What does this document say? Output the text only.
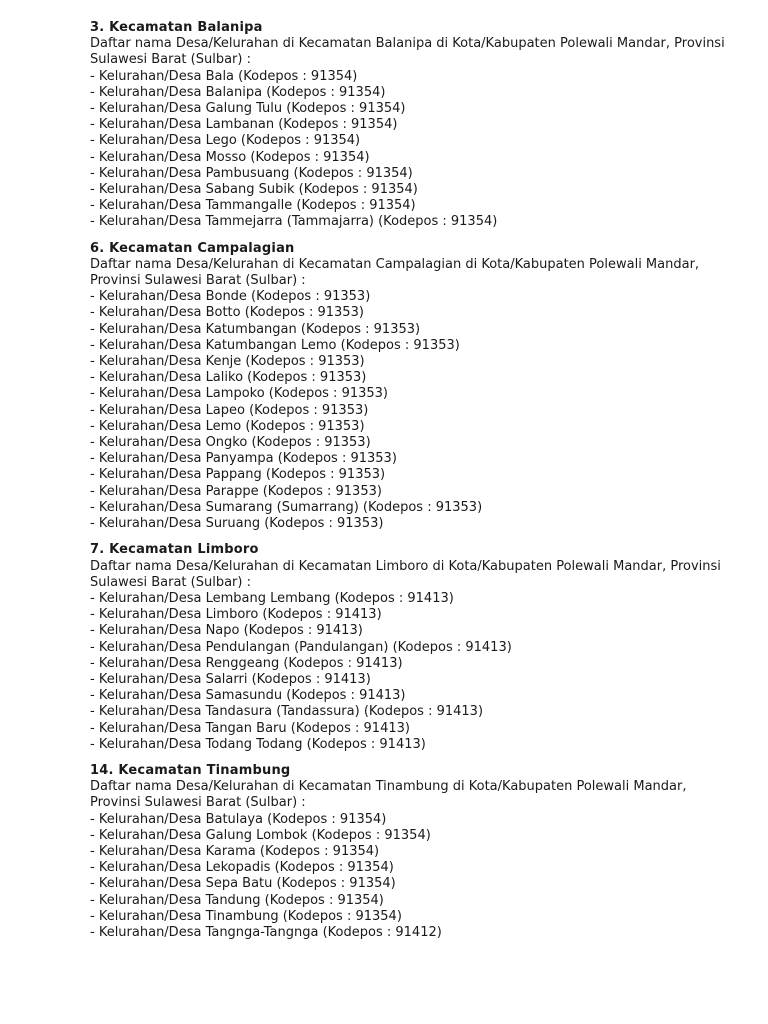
3. Kecamatan Balanipa

Daftar nama Desa/Kelurahan di Kecamatan Balanipa di Kota/Kabupaten Polewali Mandar, Provinsi Sulawesi Barat (Sulbar) :

- Kelurahan/Desa Bala (Kodepos : 91354)
- Kelurahan/Desa Balanipa (Kodepos : 91354)
- Kelurahan/Desa Galung Tulu (Kodepos : 91354)
- Kelurahan/Desa Lambanan (Kodepos : 91354)
- Kelurahan/Desa Lego (Kodepos : 91354)
- Kelurahan/Desa Mosso (Kodepos : 91354)
- Kelurahan/Desa Pambusuang (Kodepos : 91354)
- Kelurahan/Desa Sabang Subik (Kodepos : 91354)
- Kelurahan/Desa Tammangalle (Kodepos : 91354)
- Kelurahan/Desa Tammejarra (Tammajarra) (Kodepos : 91354)

6. Kecamatan Campalagian

Daftar nama Desa/Kelurahan di Kecamatan Campalagian di Kota/Kabupaten Polewali Mandar, Provinsi Sulawesi Barat (Sulbar) :

- Kelurahan/Desa Bonde (Kodepos : 91353)
- Kelurahan/Desa Botto (Kodepos : 91353)
- Kelurahan/Desa Katumbangan (Kodepos : 91353)
- Kelurahan/Desa Katumbangan Lemo (Kodepos : 91353)
- Kelurahan/Desa Kenje (Kodepos : 91353)
- Kelurahan/Desa Laliko (Kodepos : 91353)
- Kelurahan/Desa Lampoko (Kodepos : 91353)
- Kelurahan/Desa Lapeo (Kodepos : 91353)
- Kelurahan/Desa Lemo (Kodepos : 91353)
- Kelurahan/Desa Ongko (Kodepos : 91353)
- Kelurahan/Desa Panyampa (Kodepos : 91353)
- Kelurahan/Desa Pappang (Kodepos : 91353)
- Kelurahan/Desa Parappe (Kodepos : 91353)
- Kelurahan/Desa Sumarang (Sumarrang) (Kodepos : 91353)
- Kelurahan/Desa Suruang (Kodepos : 91353)

7. Kecamatan Limboro

Daftar nama Desa/Kelurahan di Kecamatan Limboro di Kota/Kabupaten Polewali Mandar, Provinsi Sulawesi Barat (Sulbar) :

- Kelurahan/Desa Lembang Lembang (Kodepos : 91413)
- Kelurahan/Desa Limboro (Kodepos : 91413)
- Kelurahan/Desa Napo (Kodepos : 91413)
- Kelurahan/Desa Pendulangan (Pandulangan) (Kodepos : 91413)
- Kelurahan/Desa Renggeang (Kodepos : 91413)
- Kelurahan/Desa Salarri (Kodepos : 91413)
- Kelurahan/Desa Samasundu (Kodepos : 91413)
- Kelurahan/Desa Tandasura (Tandassura) (Kodepos : 91413)
- Kelurahan/Desa Tangan Baru (Kodepos : 91413)
- Kelurahan/Desa Todang Todang (Kodepos : 91413)

14. Kecamatan Tinambung

Daftar nama Desa/Kelurahan di Kecamatan Tinambung di Kota/Kabupaten Polewali Mandar, Provinsi Sulawesi Barat (Sulbar) :

- Kelurahan/Desa Batulaya (Kodepos : 91354)
- Kelurahan/Desa Galung Lombok (Kodepos : 91354)
- Kelurahan/Desa Karama (Kodepos : 91354)
- Kelurahan/Desa Lekopadis (Kodepos : 91354)
- Kelurahan/Desa Sepa Batu (Kodepos : 91354)
- Kelurahan/Desa Tandung (Kodepos : 91354)
- Kelurahan/Desa Tinambung (Kodepos : 91354)
- Kelurahan/Desa Tangnga-Tangnga (Kodepos : 91412)
